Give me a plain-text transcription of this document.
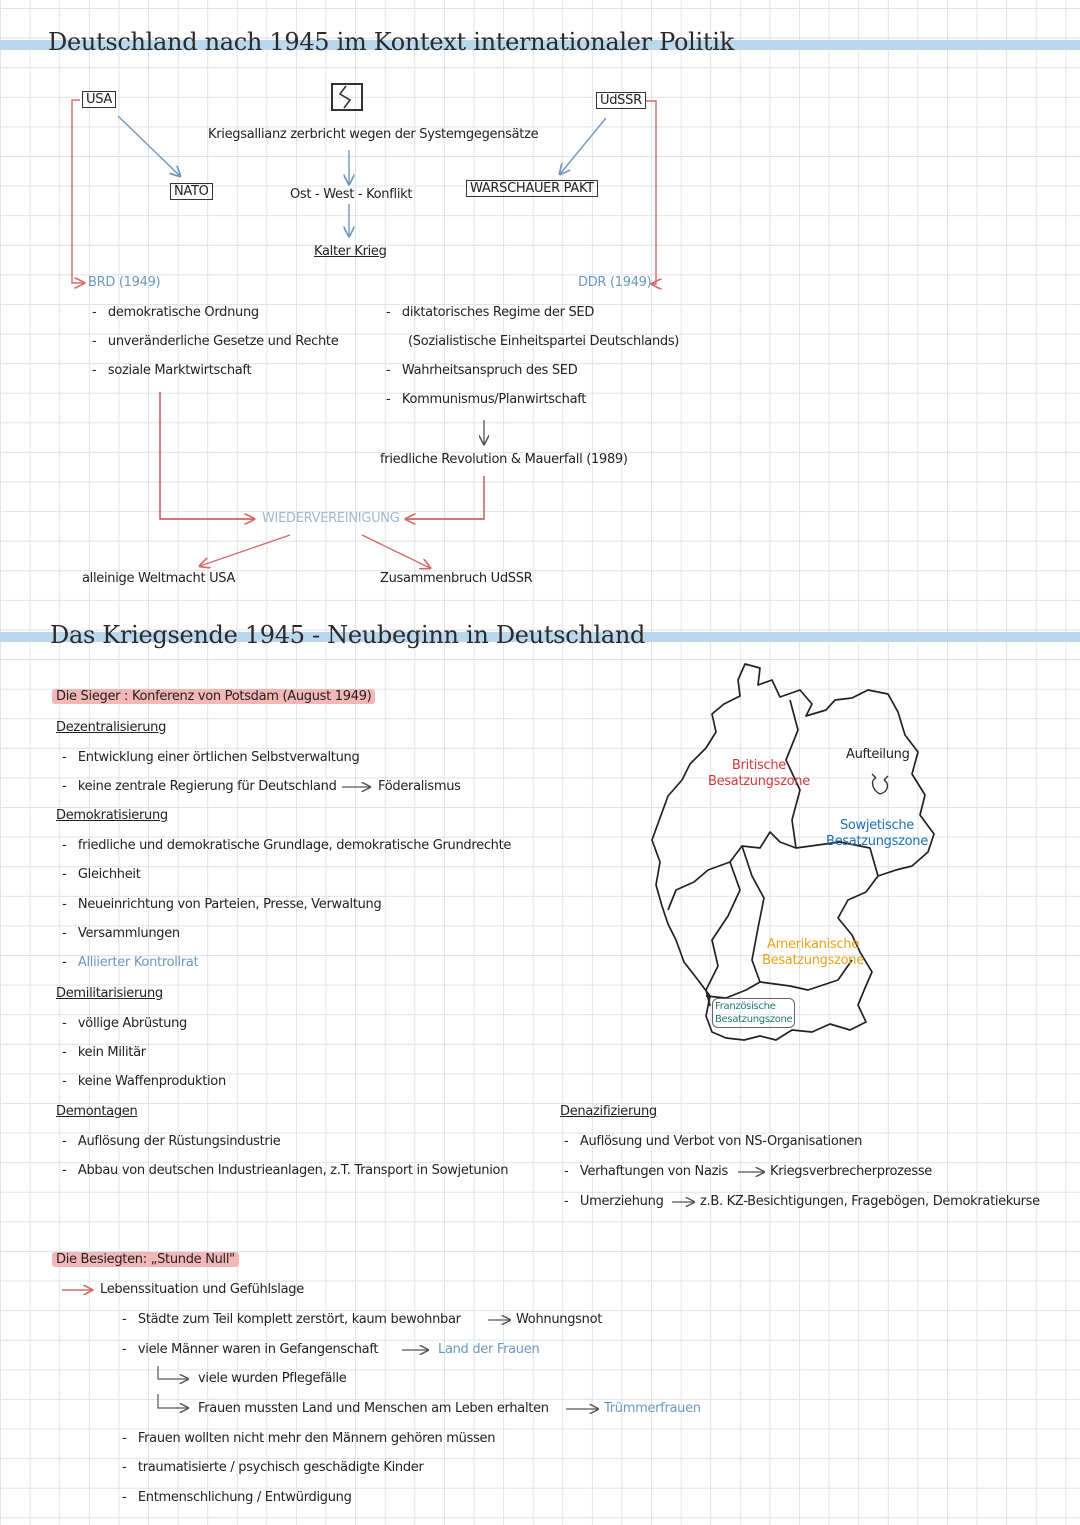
Deutschland nach 1945 im Kontext internationaler Politik
USA	UdSSR
Kriegsallianz zerbricht wegen der Systemgegensätze
NATO	WARSCHAUER PAKT
Ost - West - Konflikt
Kalter Krieg
BRD (1949)	DDR (1949)
-   demokratische Ordnung
-   unveränderliche Gesetze und Rechte
-   soziale Marktwirtschaft
-   diktatorisches Regime der SED
(Sozialistische Einheitspartei Deutschlands)
-   Wahrheitsanspruch des SED
-   Kommunismus/Planwirtschaft
friedliche Revolution & Mauerfall (1989)
WIEDERVEREINIGUNG
alleinige Weltmacht USA	Zusammenbruch UdSSR
Das Kriegsende 1945 - Neubeginn in Deutschland
Die Sieger : Konferenz von Potsdam (August 1949)
Dezentralisierung
-   Entwicklung einer örtlichen Selbstverwaltung
-   keine zentrale Regierung für Deutschland	Föderalismus
Demokratisierung
-   friedliche und demokratische Grundlage, demokratische Grundrechte
-   Gleichheit
-   Neueinrichtung von Parteien, Presse, Verwaltung
-   Versammlungen
-   Alliierter Kontrollrat
Demilitarisierung
-   völlige Abrüstung
-   kein Militär
-   keine Waffenproduktion
Demontagen
-   Auflösung der Rüstungsindustrie
-   Abbau von deutschen Industrieanlagen, z.T. Transport in Sowjetunion
Denazifizierung
-   Auflösung und Verbot von NS-Organisationen
-   Verhaftungen von Nazis	Kriegsverbrecherprozesse
-   Umerziehung	z.B. KZ-Besichtigungen, Fragebögen, Demokratiekurse
Aufteilung
Britische
Besatzungszone
Sowjetische
Besatzungszone
Amerikanische
Besatzungszone
Französische
Besatzungszone
Die Besiegten: „Stunde Null"
Lebenssituation und Gefühlslage
-   Städte zum Teil komplett zerstört, kaum bewohnbar	Wohnungsnot
-   viele Männer waren in Gefangenschaft	Land der Frauen
viele wurden Pflegefälle
Frauen mussten Land und Menschen am Leben erhalten	Trümmerfrauen
-   Frauen wollten nicht mehr den Männern gehören müssen
-   traumatisierte / psychisch geschädigte Kinder
-   Entmenschlichung / Entwürdigung
